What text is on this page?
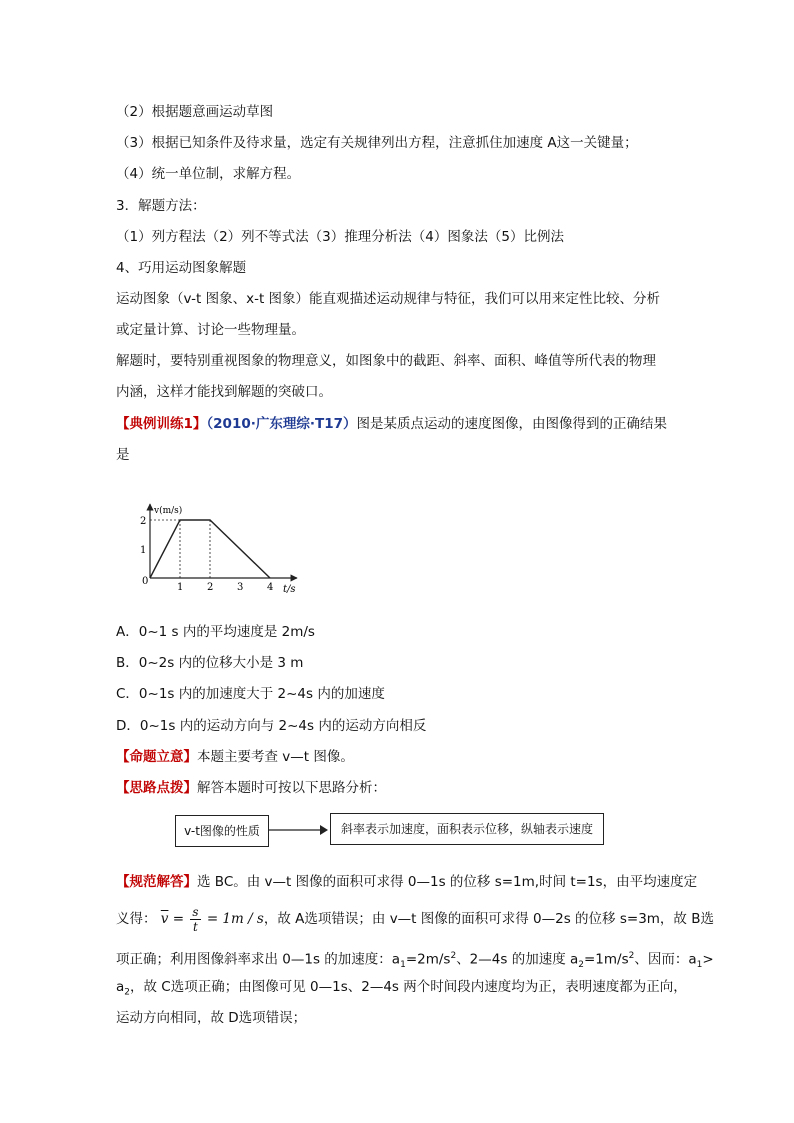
（2）根据题意画运动草图
（3）根据已知条件及待求量，选定有关规律列出方程，注意抓住加速度 A这一关键量；
（4）统一单位制，求解方程。
3．解题方法：
（1）列方程法（2）列不等式法（3）推理分析法（4）图象法（5）比例法
4、巧用运动图象解题
运动图象（v-t 图象、x-t 图象）能直观描述运动规律与特征，我们可以用来定性比较、分析
或定量计算、讨论一些物理量。
解题时，要特别重视图象的物理意义，如图象中的截距、斜率、面积、峰值等所代表的物理
内涵，这样才能找到解题的突破口。
【典例训练1】（2010·广东理综·T17）图是某质点运动的速度图像，由图像得到的正确结果
是
1 2 3 4
1
2
v(m/s)
t/s
0
A．0~1 s 内的平均速度是 2m/s
B．0~2s 内的位移大小是 3 m
C．0~1s 内的加速度大于 2~4s 内的加速度
D．0~1s 内的运动方向与 2~4s 内的运动方向相反
【命题立意】本题主要考查 v—t 图像。
【思路点拨】解答本题时可按以下思路分析：
v-t图像的性质	斜率表示加速度，面积表示位移，纵轴表示速度
【规范解答】选 BC。由 v—t 图像的面积可求得 0—1s 的位移 s=1m,时间 t=1s，由平均速度定
义得： $\overline{v} = \frac{s}{t} = 1m / s$，故 A选项错误；由 v—t 图像的面积可求得 0—2s 的位移 s=3m，故 B选
项正确；利用图像斜率求出 0—1s 的加速度：$a_1=2m/s^2$、2—4s 的加速度 $a_2=1m/s^2$、因而：$a_1>$
$a_2$，故 C选项正确；由图像可见 0—1s、2—4s 两个时间段内速度均为正，表明速度都为正向，
运动方向相同，故 D选项错误；
